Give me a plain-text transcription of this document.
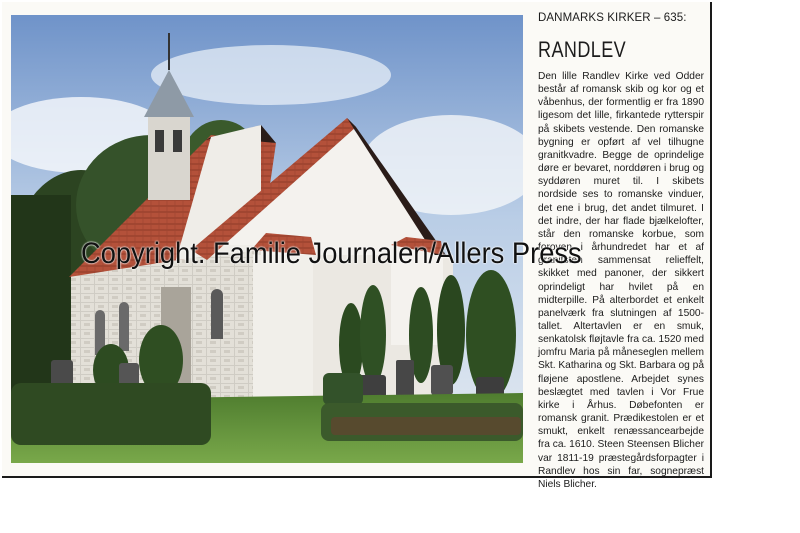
DANMARKS KIRKER – 635:
RANDLEV
Den lille Randlev Kirke ved Odder består af romansk skib og kor og et våbenhus, der formentlig er fra 1890 ligesom det lille, firkantede rytterspir på skibets vestende. Den romanske bygning er opført af vel tilhugne granitkvadre. Begge de oprindelige døre er bevaret, norddøren i brug og syddøren muret til. I skibets nordside ses to romanske vinduer, det ene i brug, det andet tilmuret. I det indre, der har flade bjælkelofter, står den romanske korbue, som foroven i århundredet har et af granitsten sammensat relieffelt, skikket med panoner, der sikkert oprindeligt har hvilet på en midterpille. På alterbordet et enkelt panelværk fra slutningen af 1500-tallet. Altertavlen er en smuk, senkatolsk fløjtavle fra ca. 1520 med jomfru Maria på måneseglen mellem Skt. Katharina og Skt. Barbara og på fløjene apostlene. Arbejdet synes beslægtet med tavlen i Vor Frue kirke i Århus. Døbefonten er romansk granit. Prædikestolen er et smukt, enkelt renæssancearbejde fra ca. 1610. Steen Steensen Blicher var 1811-19 præstegårdsforpagter i Randlev hos sin far, sognepræst Niels Blicher.
Copyright. Familie Journalen/Allers Press
